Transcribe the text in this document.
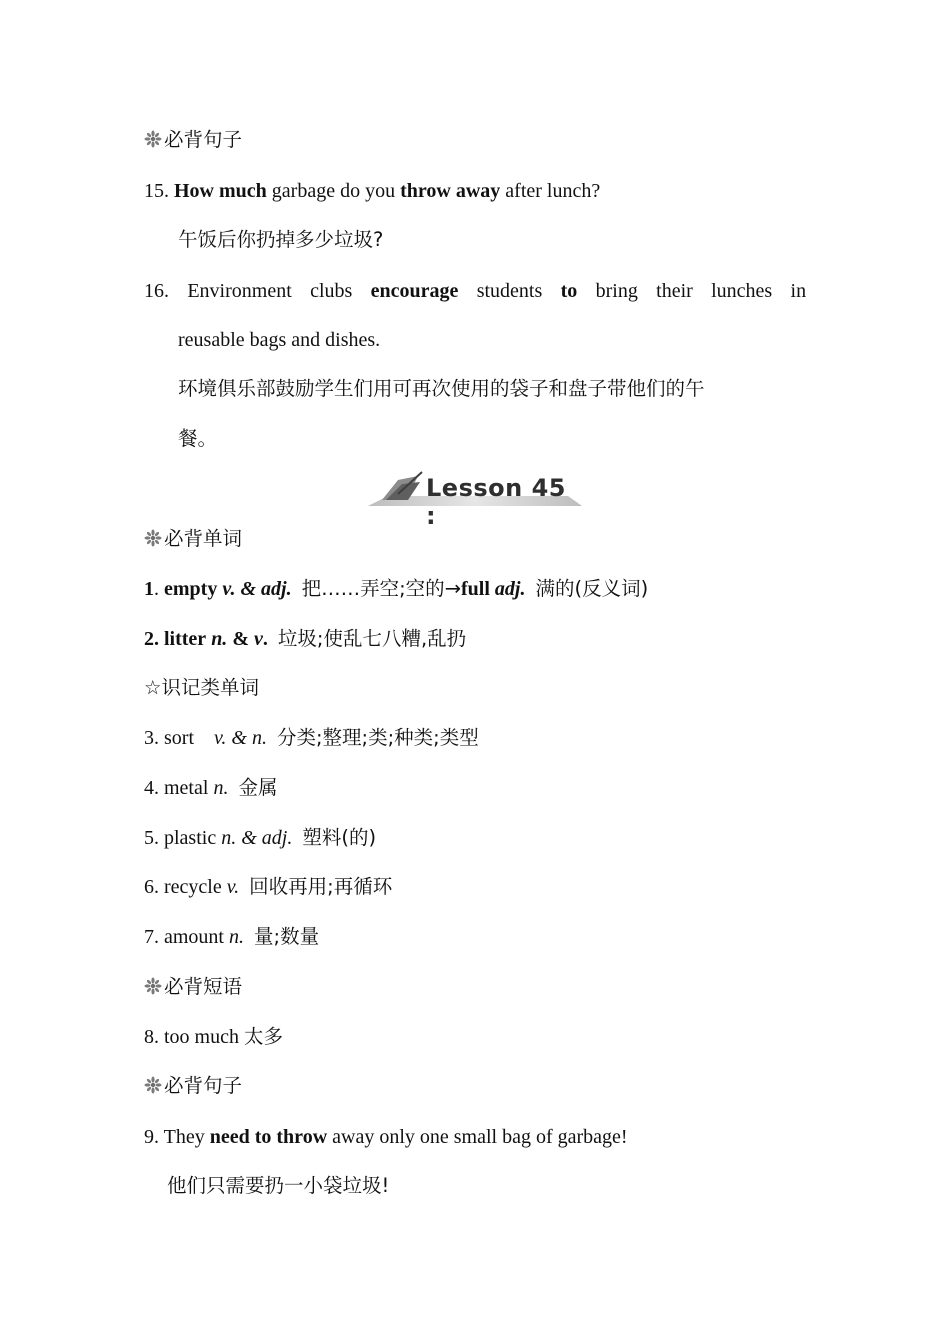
必背句子
15. How much garbage do you throw away after lunch?
午饭后你扔掉多少垃圾?
16. Environment clubs encourage students to bring their lunches in
reusable bags and dishes.
环境俱乐部鼓励学生们用可再次使用的袋子和盘子带他们的午
餐。
Lesson 45 :
必背单词
1. empty v. & adj. 把……弄空;空的→full adj. 满的(反义词)
2. litter n. & v. 垃圾;使乱七八糟,乱扔
☆识记类单词
3. sort v. & n. 分类;整理;类;种类;类型
4. metal n. 金属
5. plastic n. & adj. 塑料(的)
6. recycle v. 回收再用;再循环
7. amount n. 量;数量
必背短语
8. too much 太多
必背句子
9. They need to throw away only one small bag of garbage!
他们只需要扔一小袋垃圾!
